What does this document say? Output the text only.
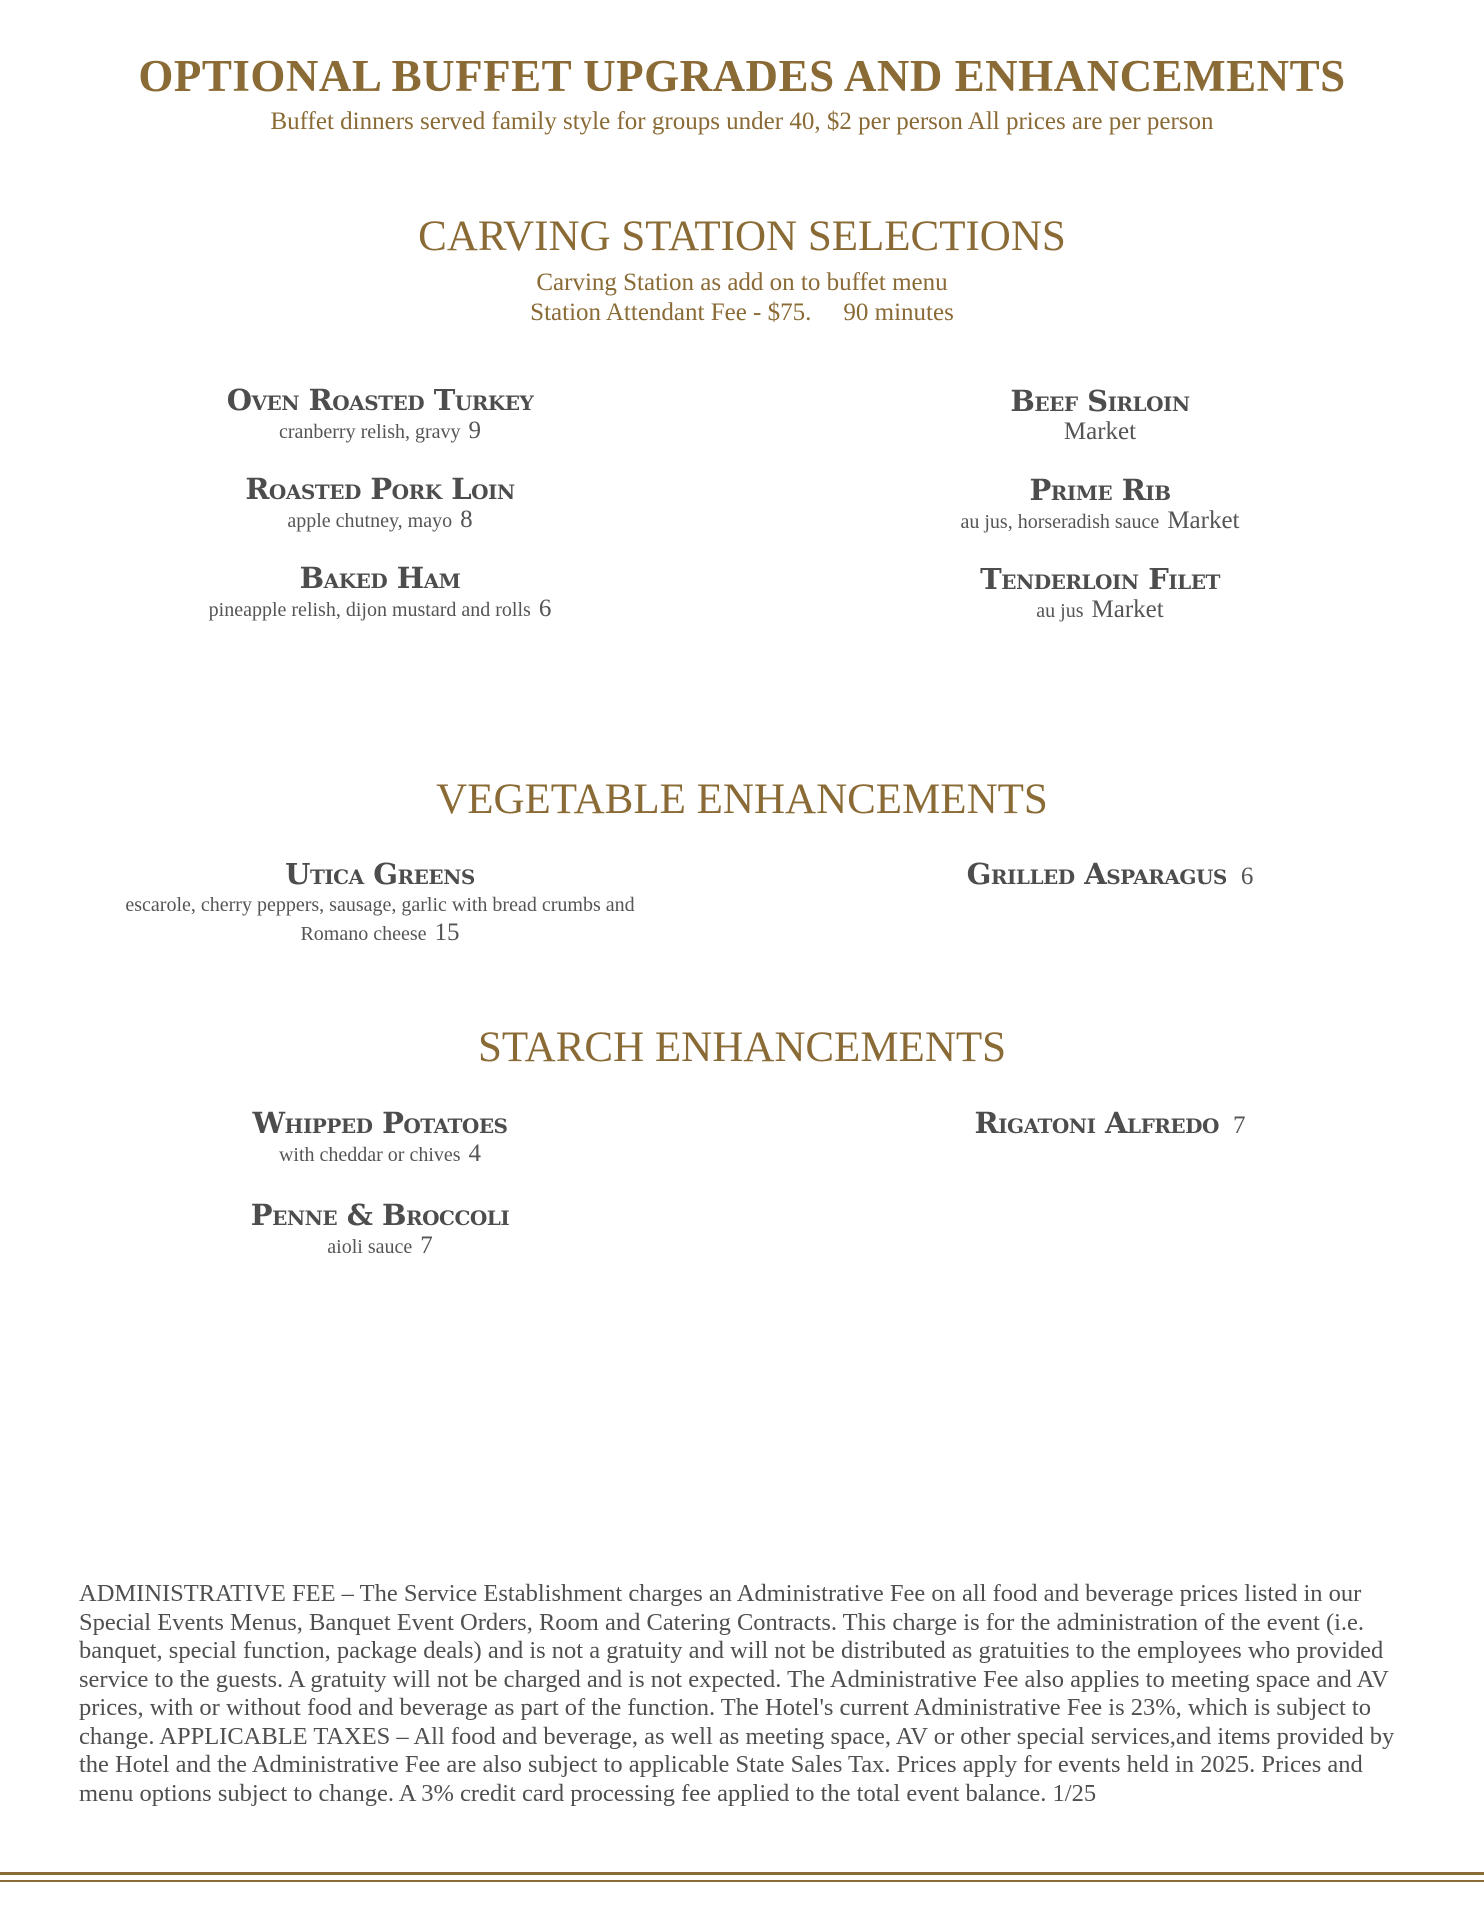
OPTIONAL BUFFET UPGRADES AND ENHANCEMENTS
Buffet dinners served family style for groups under 40, $2 per person All prices are per person
CARVING STATION SELECTIONS
Carving Station as add on to buffet menu
Station Attendant Fee - $75. 90 minutes
Oven Roasted Turkey
cranberry relish, gravy 9
Roasted Pork Loin
apple chutney, mayo 8
Baked Ham
pineapple relish, dijon mustard and rolls 6
Beef Sirloin
Market
Prime Rib
au jus, horseradish sauce Market
Tenderloin Filet
au jus Market
VEGETABLE ENHANCEMENTS
Utica Greens
escarole, cherry peppers, sausage, garlic with bread crumbs and
Romano cheese 15
Grilled Asparagus 6
STARCH ENHANCEMENTS
Whipped Potatoes
with cheddar or chives 4
Penne & Broccoli
aioli sauce 7
Rigatoni Alfredo 7
ADMINISTRATIVE FEE – The Service Establishment charges an Administrative Fee on all food and beverage prices listed in our Special Events Menus, Banquet Event Orders, Room and Catering Contracts. This charge is for the administration of the event (i.e. banquet, special function, package deals) and is not a gratuity and will not be distributed as gratuities to the employees who provided service to the guests. A gratuity will not be charged and is not expected. The Administrative Fee also applies to meeting space and AV prices, with or without food and beverage as part of the function. The Hotel's current Administrative Fee is 23%, which is subject to change. APPLICABLE TAXES – All food and beverage, as well as meeting space, AV or other special services,and items provided by the Hotel and the Administrative Fee are also subject to applicable State Sales Tax. Prices apply for events held in 2025. Prices and menu options subject to change. A 3% credit card processing fee applied to the total event balance. 1/25
